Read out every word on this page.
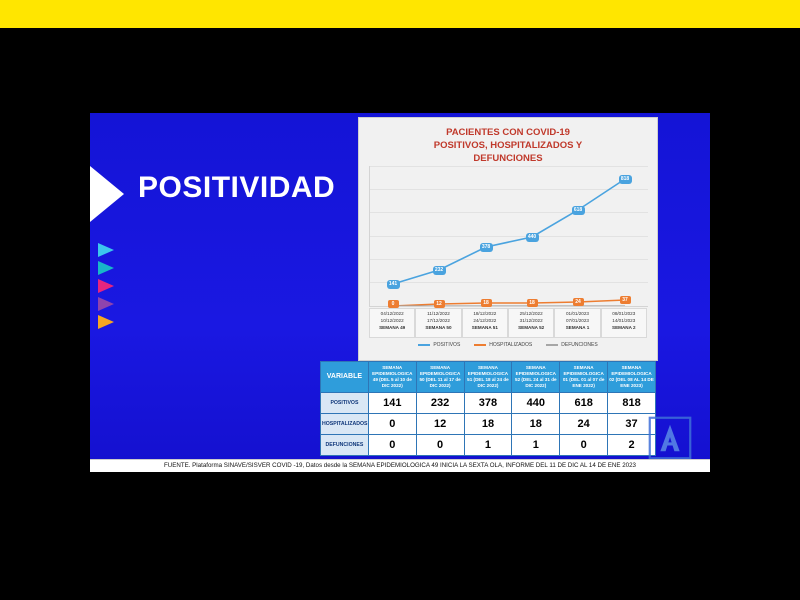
POSITIVIDAD
PACIENTES CON COVID-19
POSITIVOS, HOSPITALIZADOS Y
DEFUNCIONES
141
232
378
440
618
818
0	12	18	18	24	37
04/12/2022
10/12/2022
SEMANA 49
11/12/2022
17/12/2022
SEMANA 50
18/12/2022
24/12/2022
SEMANA 51
25/12/2022
31/12/2022
SEMANA 52
01/01/2023
07/01/2023
SEMANA 1
08/01/2023
14/01/2023
SEMANA 2
POSITIVOS	HOSPITALIZADOS	DEFUNCIONES
VARIABLE	SEMANA EPIDEMIOLOGICA 49 (DEL 5 al 10 de DIC 2022)	SEMANA EPIDEMIOLOGICA 50 (DEL 11 al 17 de DIC 2022)	SEMANA EPIDEMIOLOGICA 51 (DEL 18 al 24 de DIC 2022)	SEMANA EPIDEMIOLOGICA 52 (DEL 24 al 31 de DIC 2022)	SEMANA EPIDEMIOLOGICA 01 (DEL 01 al 07 de ENE 2022)	SEMANA EPIDEMIOLOGICA 02 (DEL 08 AL 14 DE ENE 2023)
POSITIVOS	141	232	378	440	618	818
HOSPITALIZADOS	0	12	18	18	24	37
DEFUNCIONES	0	0	1	1	0	2
FUENTE. Plataforma SINAVE/SISVER COVID -19, Datos desde la SEMANA EPIDEMIOLOGICA 49 INICIA LA SEXTA OLA, INFORME DEL 11 DE DIC AL 14 DE ENE 2023
